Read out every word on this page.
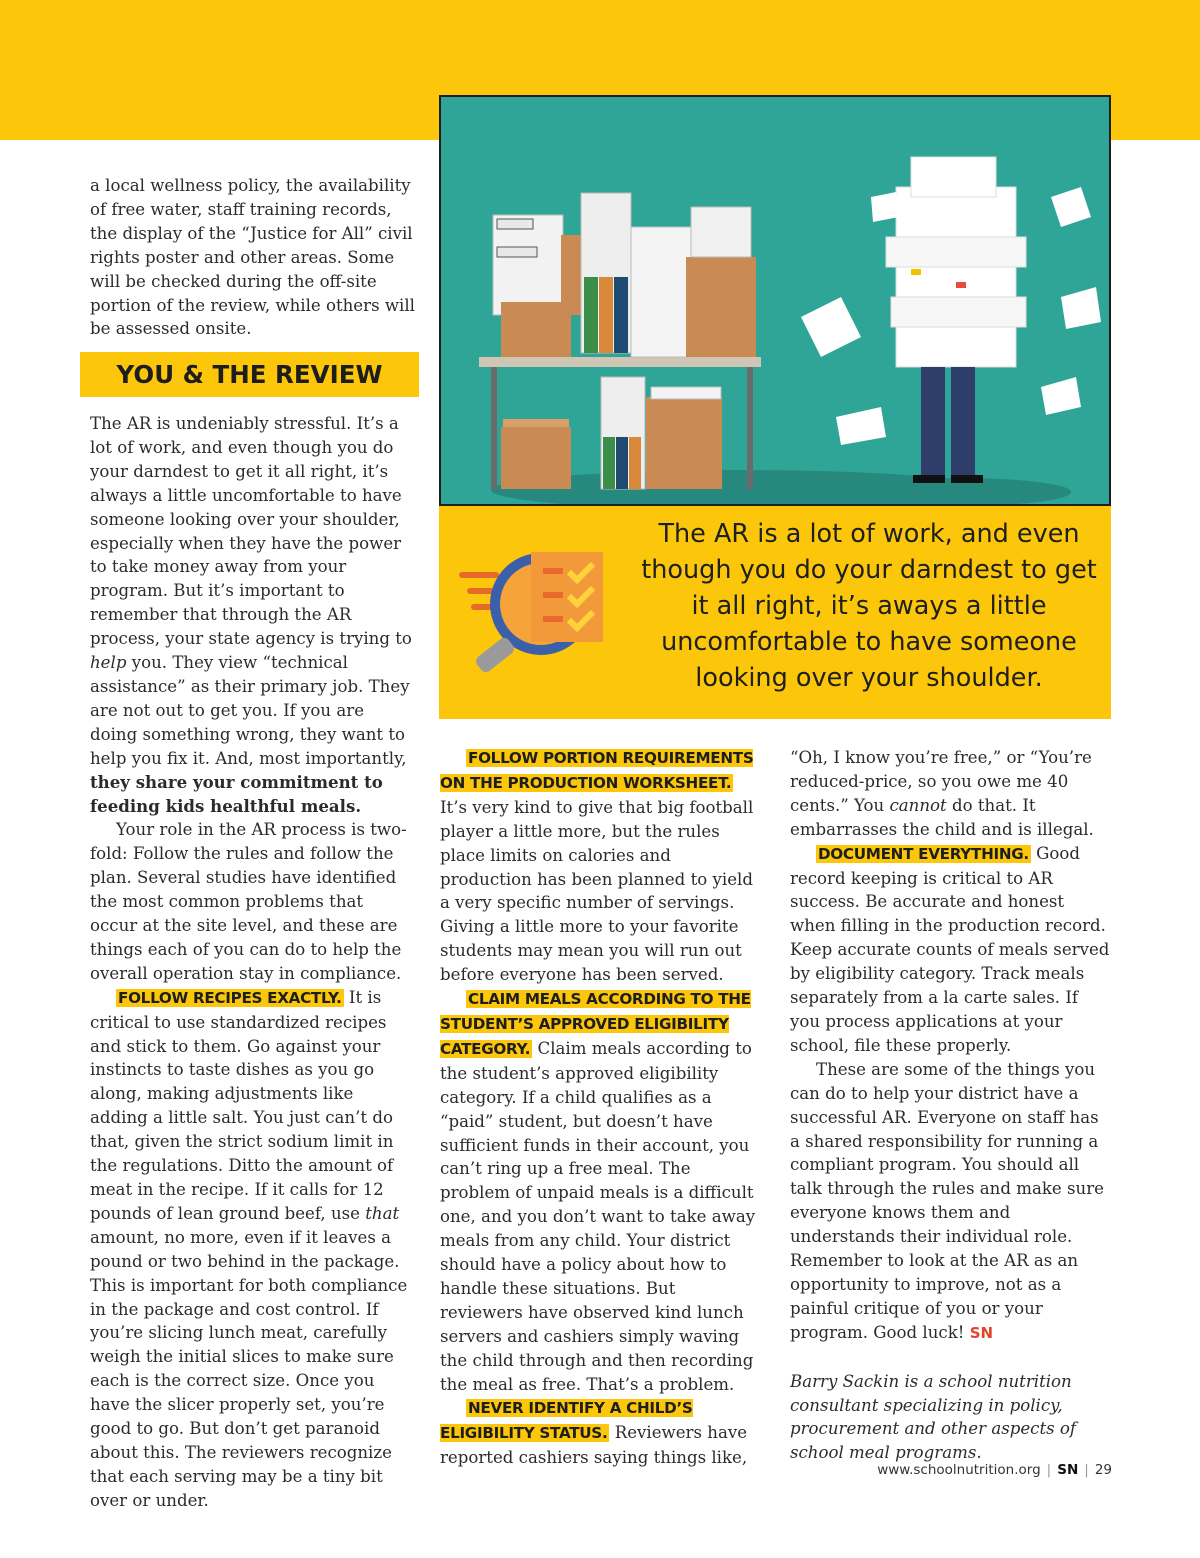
a local wellness policy, the availability of free water, staff training records, the display of the “Justice for All” civil rights poster and other areas. Some will be checked during the off-site portion of the review, while others will be assessed onsite.

YOU & THE REVIEW

The AR is undeniably stressful. It’s a lot of work, and even though you do your darndest to get it all right, it’s always a little uncomfortable to have someone looking over your shoulder, especially when they have the power to take money away from your program. But it’s important to remember that through the AR process, your state agency is trying to help you. They view “technical assistance” as their primary job. They are not out to get you. If you are doing something wrong, they want to help you fix it. And, most importantly, they share your commitment to feeding kids healthful meals.

Your role in the AR process is two-fold: Follow the rules and follow the plan. Several studies have identified the most common problems that occur at the site level, and these are things each of you can do to help the overall operation stay in compliance.

FOLLOW RECIPES EXACTLY. It is critical to use standardized recipes and stick to them. Go against your instincts to taste dishes as you go along, making adjustments like adding a little salt. You just can’t do that, given the strict sodium limit in the regulations. Ditto the amount of meat in the recipe. If it calls for 12 pounds of lean ground beef, use that amount, no more, even if it leaves a pound or two behind in the package. This is important for both compliance in the package and cost control. If you’re slicing lunch meat, carefully weigh the initial slices to make sure each is the correct size. Once you have the slicer properly set, you’re good to go. But don’t get paranoid about this. The reviewers recognize that each serving may be a tiny bit over or under.

The AR is a lot of work, and even though you do your darndest to get it all right, it’s aways a little uncomfortable to have someone looking over your shoulder.

FOLLOW PORTION REQUIREMENTS ON THE PRODUCTION WORKSHEET. It’s very kind to give that big football player a little more, but the rules place limits on calories and production has been planned to yield a very specific number of servings. Giving a little more to your favorite students may mean you will run out before everyone has been served.

CLAIM MEALS ACCORDING TO THE STUDENT’S APPROVED ELIGIBILITY CATEGORY. Claim meals according to the student’s approved eligibility category. If a child qualifies as a “paid” student, but doesn’t have sufficient funds in their account, you can’t ring up a free meal. The problem of unpaid meals is a difficult one, and you don’t want to take away meals from any child. Your district should have a policy about how to handle these situations. But reviewers have observed kind lunch servers and cashiers simply waving the child through and then recording the meal as free. That’s a problem.

NEVER IDENTIFY A CHILD’S ELIGIBILITY STATUS. Reviewers have reported cashiers saying things like,

“Oh, I know you’re free,” or “You’re reduced-price, so you owe me 40 cents.” You cannot do that. It embarrasses the child and is illegal.

DOCUMENT EVERYTHING. Good record keeping is critical to AR success. Be accurate and honest when filling in the production record. Keep accurate counts of meals served by eligibility category. Track meals separately from a la carte sales. If you process applications at your school, file these properly.

These are some of the things you can do to help your district have a successful AR. Everyone on staff has a shared responsibility for running a compliant program. You should all talk through the rules and make sure everyone knows them and understands their individual role. Remember to look at the AR as an opportunity to improve, not as a painful critique of you or your program. Good luck! SN

Barry Sackin is a school nutrition consultant specializing in policy, procurement and other aspects of school meal programs.

www.schoolnutrition.org | SN | 29
